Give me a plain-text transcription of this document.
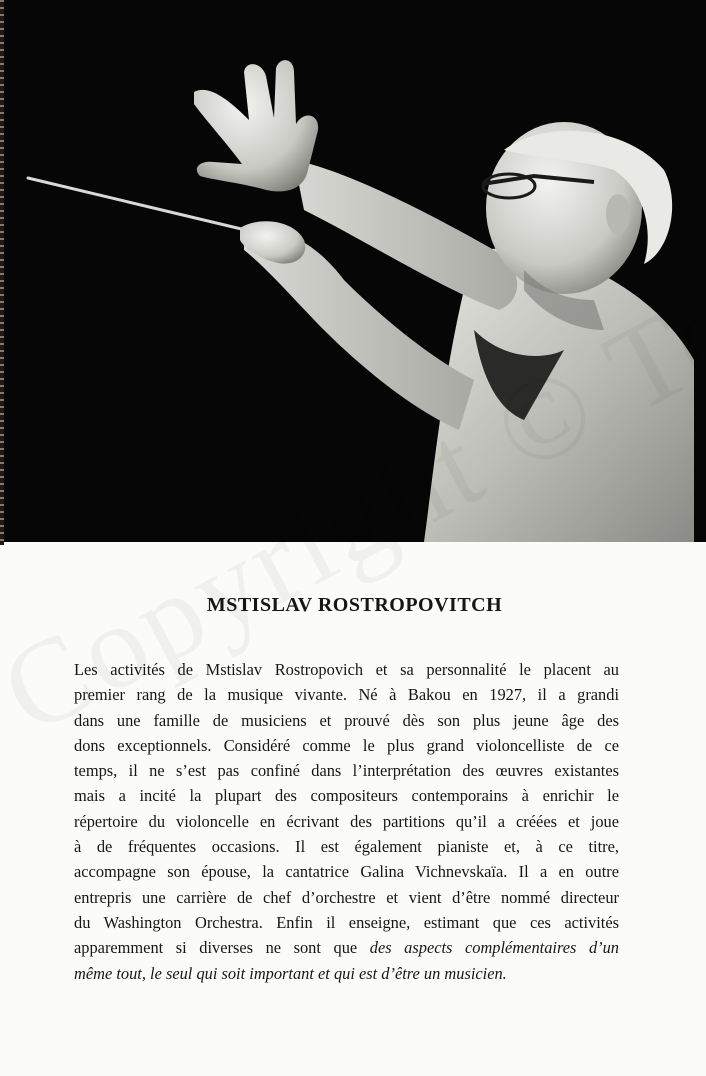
MSTISLAV ROSTROPOVITCH
Les activités de Mstislav Rostropovich et sa personnalité le placent au
premier rang de la musique vivante. Né à Bakou en 1927, il a grandi
dans une famille de musiciens et prouvé dès son plus jeune âge des
dons exceptionnels. Considéré comme le plus grand violoncelliste de ce
temps, il ne s’est pas confiné dans l’interprétation des œuvres existantes
mais a incité la plupart des compositeurs contemporains à enrichir le
répertoire du violoncelle en écrivant des partitions qu’il a créées et joue
à de fréquentes occasions. Il est également pianiste et, à ce titre,
accompagne son épouse, la cantatrice Galina Vichnevskaïa. Il a en outre
entrepris une carrière de chef d’orchestre et vient d’être nommé directeur
du Washington Orchestra. Enfin il enseigne, estimant que ces activités
apparemment si diverses ne sont que des aspects complémentaires d’un
même tout, le seul qui soit important et qui est d’être un musicien.
